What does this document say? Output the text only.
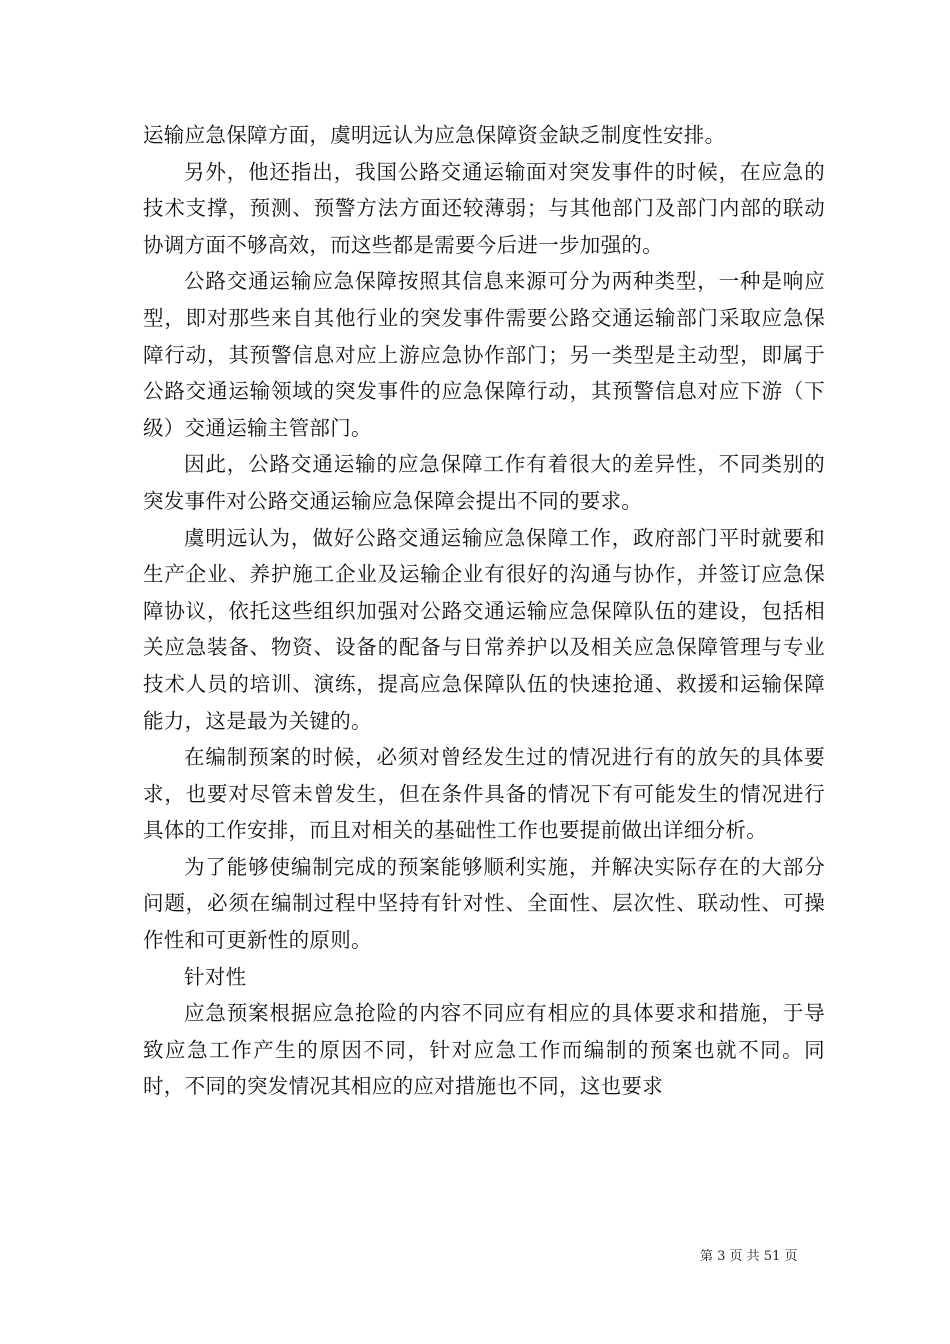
运输应急保障方面，虞明远认为应急保障资金缺乏制度性安排。

另外，他还指出，我国公路交通运输面对突发事件的时候，在应急的技术支撑，预测、预警方法方面还较薄弱；与其他部门及部门内部的联动协调方面不够高效，而这些都是需要今后进一步加强的。

公路交通运输应急保障按照其信息来源可分为两种类型，一种是响应型，即对那些来自其他行业的突发事件需要公路交通运输部门采取应急保障行动，其预警信息对应上游应急协作部门；另一类型是主动型，即属于公路交通运输领域的突发事件的应急保障行动，其预警信息对应下游（下级）交通运输主管部门。

因此，公路交通运输的应急保障工作有着很大的差异性，不同类别的突发事件对公路交通运输应急保障会提出不同的要求。

虞明远认为，做好公路交通运输应急保障工作，政府部门平时就要和生产企业、养护施工企业及运输企业有很好的沟通与协作，并签订应急保障协议，依托这些组织加强对公路交通运输应急保障队伍的建设，包括相关应急装备、物资、设备的配备与日常养护以及相关应急保障管理与专业技术人员的培训、演练，提高应急保障队伍的快速抢通、救援和运输保障能力，这是最为关键的。

在编制预案的时候，必须对曾经发生过的情况进行有的放矢的具体要求，也要对尽管未曾发生，但在条件具备的情况下有可能发生的情况进行具体的工作安排，而且对相关的基础性工作也要提前做出详细分析。

为了能够使编制完成的预案能够顺利实施，并解决实际存在的大部分问题，必须在编制过程中坚持有针对性、全面性、层次性、联动性、可操作性和可更新性的原则。

针对性

应急预案根据应急抢险的内容不同应有相应的具体要求和措施，于导致应急工作产生的原因不同，针对应急工作而编制的预案也就不同。同时，不同的突发情况其相应的应对措施也不同，这也要求

第 3 页 共 51 页
